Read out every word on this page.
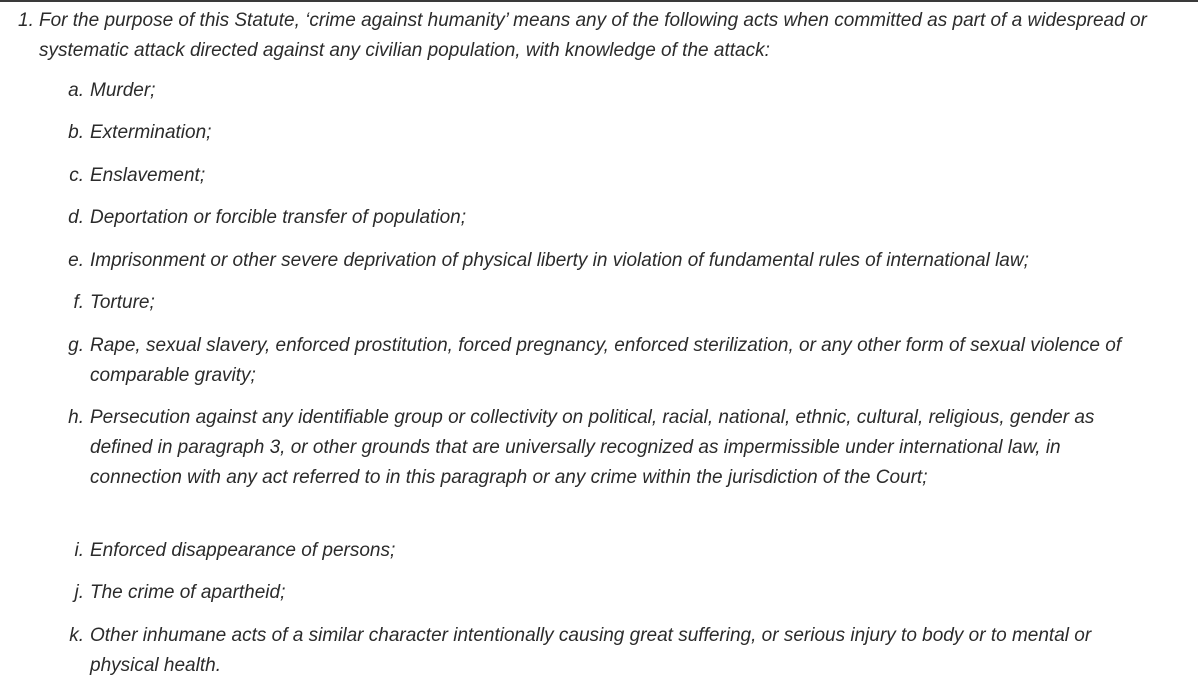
1. For the purpose of this Statute, ‘crime against humanity’ means any of the following acts when committed as part of a widespread or systematic attack directed against any civilian population, with knowledge of the attack:

a. Murder;
b. Extermination;
c. Enslavement;
d. Deportation or forcible transfer of population;
e. Imprisonment or other severe deprivation of physical liberty in violation of fundamental rules of international law;
f. Torture;
g. Rape, sexual slavery, enforced prostitution, forced pregnancy, enforced sterilization, or any other form of sexual violence of comparable gravity;
h. Persecution against any identifiable group or collectivity on political, racial, national, ethnic, cultural, religious, gender as defined in paragraph 3, or other grounds that are universally recognized as impermissible under international law, in connection with any act referred to in this paragraph or any crime within the jurisdiction of the Court;
i. Enforced disappearance of persons;
j. The crime of apartheid;
k. Other inhumane acts of a similar character intentionally causing great suffering, or serious injury to body or to mental or physical health.
